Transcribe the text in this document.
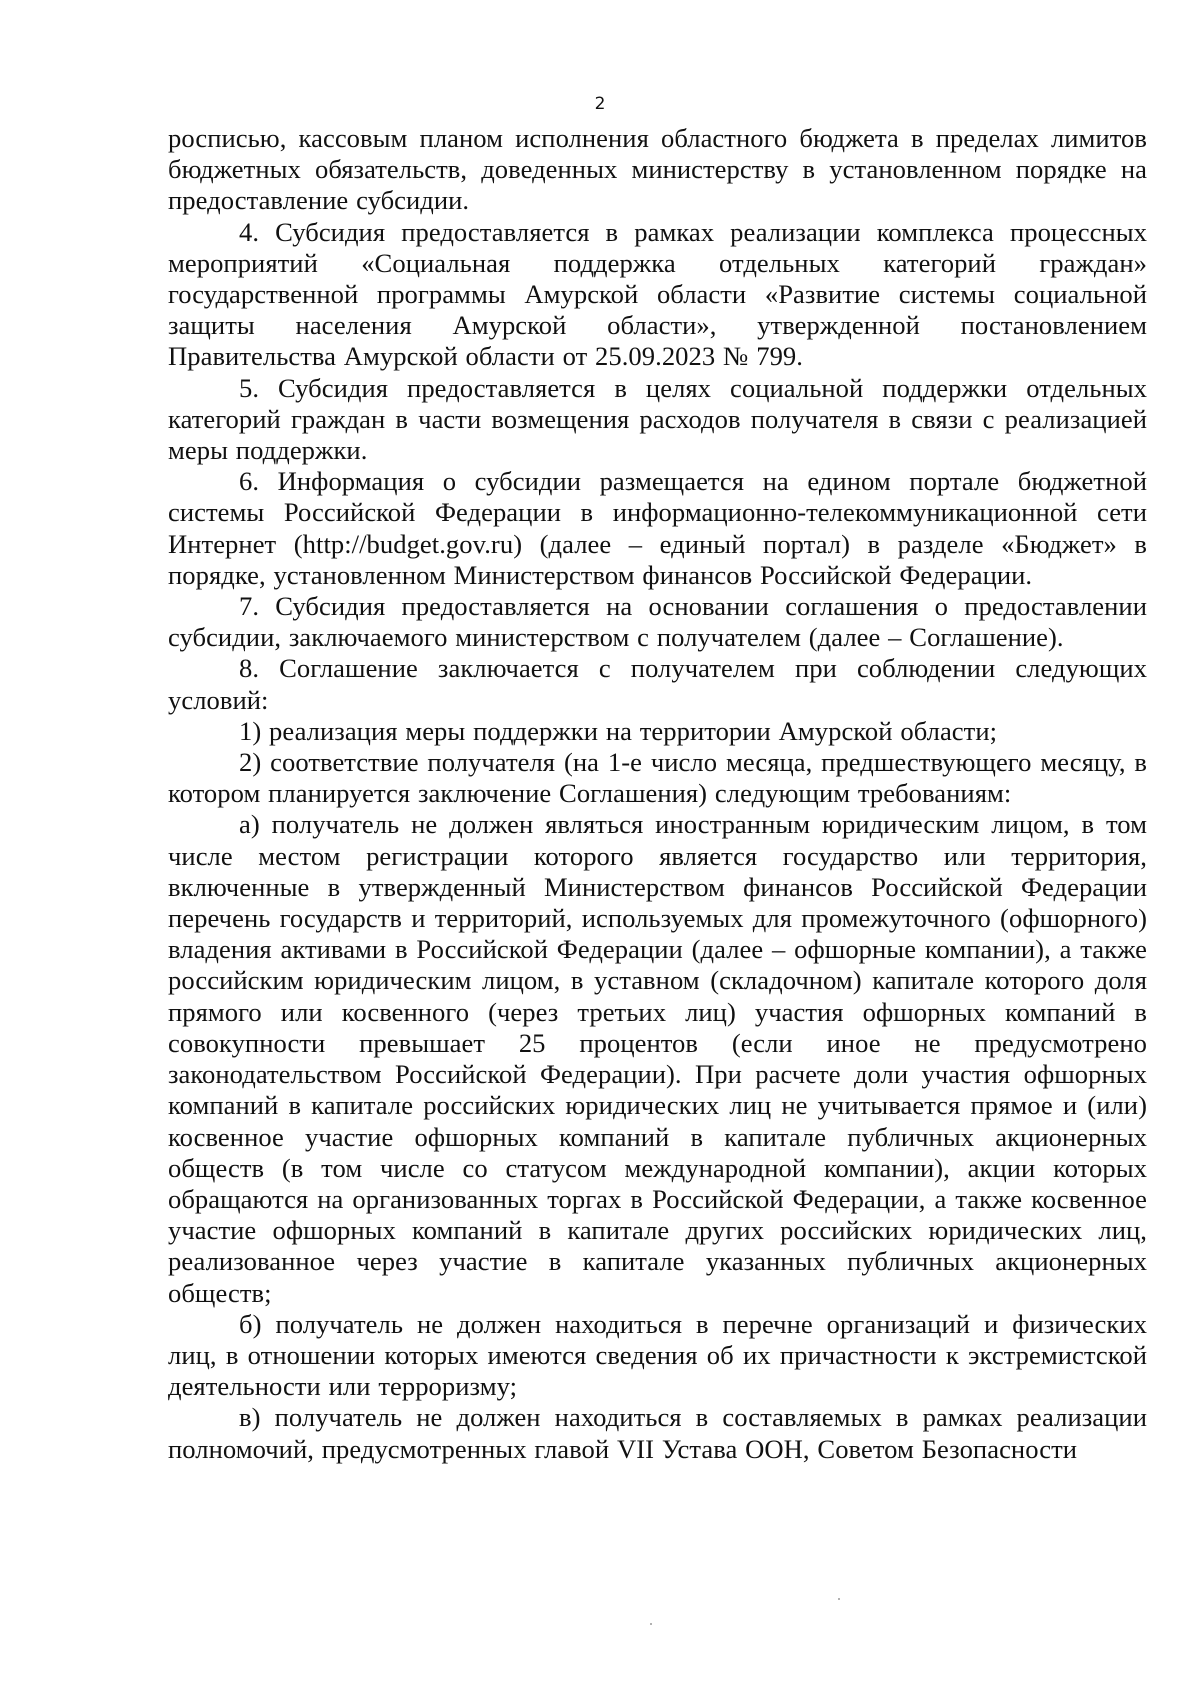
2

росписью, кассовым планом исполнения областного бюджета в пределах лимитов бюджетных обязательств, доведенных министерству в установленном порядке на предоставление субсидии.

4. Субсидия предоставляется в рамках реализации комплекса процессных мероприятий «Социальная поддержка отдельных категорий граждан» государственной программы Амурской области «Развитие системы социальной защиты населения Амурской области», утвержденной постановлением Правительства Амурской области от 25.09.2023 № 799.

5. Субсидия предоставляется в целях социальной поддержки отдельных категорий граждан в части возмещения расходов получателя в связи с реализацией меры поддержки.

6. Информация о субсидии размещается на едином портале бюджетной системы Российской Федерации в информационно-телекоммуникационной сети Интернет (http://budget.gov.ru) (далее – единый портал) в разделе «Бюджет» в порядке, установленном Министерством финансов Российской Федерации.

7. Субсидия предоставляется на основании соглашения о предоставлении субсидии, заключаемого министерством с получателем (далее – Соглашение).

8. Соглашение заключается с получателем при соблюдении следующих условий:

1) реализация меры поддержки на территории Амурской области;

2) соответствие получателя (на 1-е число месяца, предшествующего месяцу, в котором планируется заключение Соглашения) следующим требованиям:

а) получатель не должен являться иностранным юридическим лицом, в том числе местом регистрации которого является государство или территория, включенные в утвержденный Министерством финансов Российской Федерации перечень государств и территорий, используемых для промежуточного (офшорного) владения активами в Российской Федерации (далее – офшорные компании), а также российским юридическим лицом, в уставном (складочном) капитале которого доля прямого или косвенного (через третьих лиц) участия офшорных компаний в совокупности превышает 25 процентов (если иное не предусмотрено законодательством Российской Федерации). При расчете доли участия офшорных компаний в капитале российских юридических лиц не учитывается прямое и (или) косвенное участие офшорных компаний в капитале публичных акционерных обществ (в том числе со статусом международной компании), акции которых обращаются на организованных торгах в Российской Федерации, а также косвенное участие офшорных компаний в капитале других российских юридических лиц, реализованное через участие в капитале указанных публичных акционерных обществ;

б) получатель не должен находиться в перечне организаций и физических лиц, в отношении которых имеются сведения об их причастности к экстремистской деятельности или терроризму;

в) получатель не должен находиться в составляемых в рамках реализации полномочий, предусмотренных главой VII Устава ООН, Советом Безопасности
